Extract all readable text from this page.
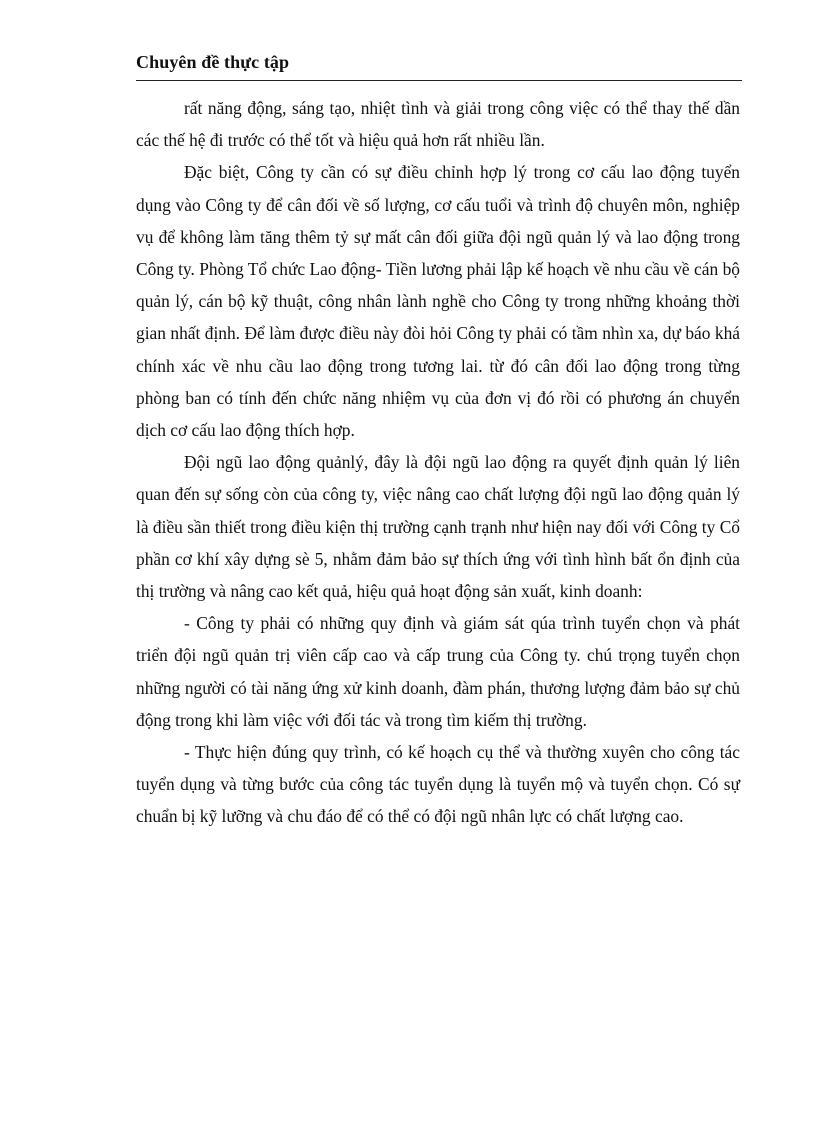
Chuyên đề thực tập

rất năng động, sáng tạo, nhiệt tình và giải trong công việc có thể thay thế dần các thế hệ đi trước có thể tốt và hiệu quả hơn rất nhiều lần.

Đặc biệt, Công ty cần có sự điều chỉnh hợp lý trong cơ cấu lao động tuyển dụng vào Công ty để cân đối về số lượng, cơ cấu tuổi và trình độ chuyên môn, nghiệp vụ để không làm tăng thêm tỷ sự mất cân đối giữa đội ngũ quản lý và lao động trong Công ty. Phòng Tổ chức Lao động- Tiền lương phải lập kế hoạch về nhu cầu về cán bộ quản lý, cán bộ kỹ thuật, công nhân lành nghề cho Công ty trong những khoảng thời gian nhất định. Để làm được điều này đòi hỏi Công ty phải có tầm nhìn xa, dự báo khá chính xác về nhu cầu lao động trong tương lai. từ đó cân đối lao động trong từng phòng ban có tính đến chức năng nhiệm vụ của đơn vị đó rồi có phương án chuyển dịch cơ cấu lao động thích hợp.

Đội ngũ lao động quảnlý, đây là đội ngũ lao động ra quyết định quản lý liên quan đến sự sống còn của công ty, việc nâng cao chất lượng đội ngũ lao động quản lý là điều sần thiết trong điều kiện thị trường cạnh trạnh như hiện nay đối với Công ty Cổ phần cơ khí xây dựng sè 5, nhằm đảm bảo sự thích ứng với tình hình bất ổn định của thị trường và nâng cao kết quả, hiệu quả hoạt động sản xuất, kinh doanh:

- Công ty phải có những quy định và giám sát qúa trình tuyển chọn và phát triển đội ngũ quản trị viên cấp cao và cấp trung của Công ty. chú trọng tuyển chọn những người có tài năng ứng xử kinh doanh, đàm phán, thương lượng đảm bảo sự chủ động trong khi làm việc với đối tác và trong tìm kiếm thị trường.

- Thực hiện đúng quy trình, có kế hoạch cụ thể và thường xuyên cho công tác tuyển dụng và từng bước của công tác tuyển dụng là tuyển mộ và tuyển chọn. Có sự chuẩn bị kỹ lưỡng và chu đáo để có thể có đội ngũ nhân lực có chất lượng cao.
